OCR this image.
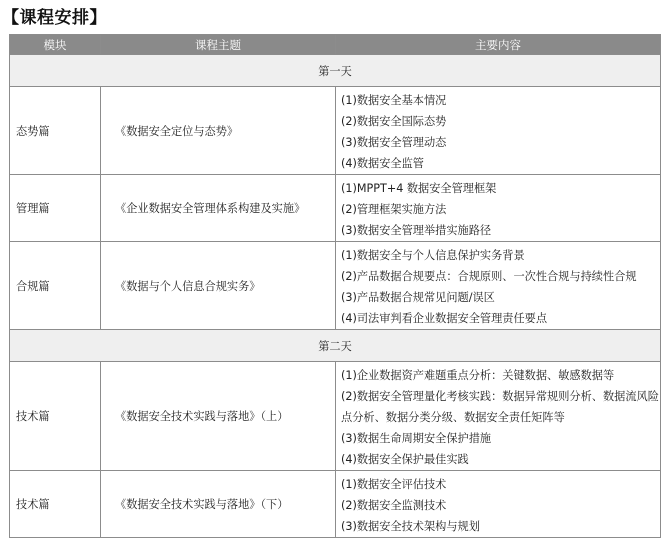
【课程安排】
模块	课程主题	主要内容
第一天		
态势篇	《数据安全定位与态势》	(1)数据安全基本情况
(2)数据安全国际态势
(3)数据安全管理动态
(4)数据安全监管

管理篇	《企业数据安全管理体系构建及实施》	(1)MPPT+4 数据安全管理框架
(2)管理框架实施方法
(3)数据安全管理举措实施路径

合规篇	《数据与个人信息合规实务》	(1)数据安全与个人信息保护实务背景
(2)产品数据合规要点：合规原则、一次性合规与持续性合规
(3)产品数据合规常见问题/误区
(4)司法审判看企业数据安全管理责任要点

第二天		
技术篇	《数据安全技术实践与落地》（上）	(1)企业数据资产难题重点分析：关键数据、敏感数据等
(2)数据安全管理量化考核实践：数据异常规则分析、数据流风险点分析、数据分类分级、数据安全责任矩阵等
(3)数据生命周期安全保护措施
(4)数据安全保护最佳实践

技术篇	《数据安全技术实践与落地》（下）	(1)数据安全评估技术
(2)数据安全监测技术
(3)数据安全技术架构与规划
